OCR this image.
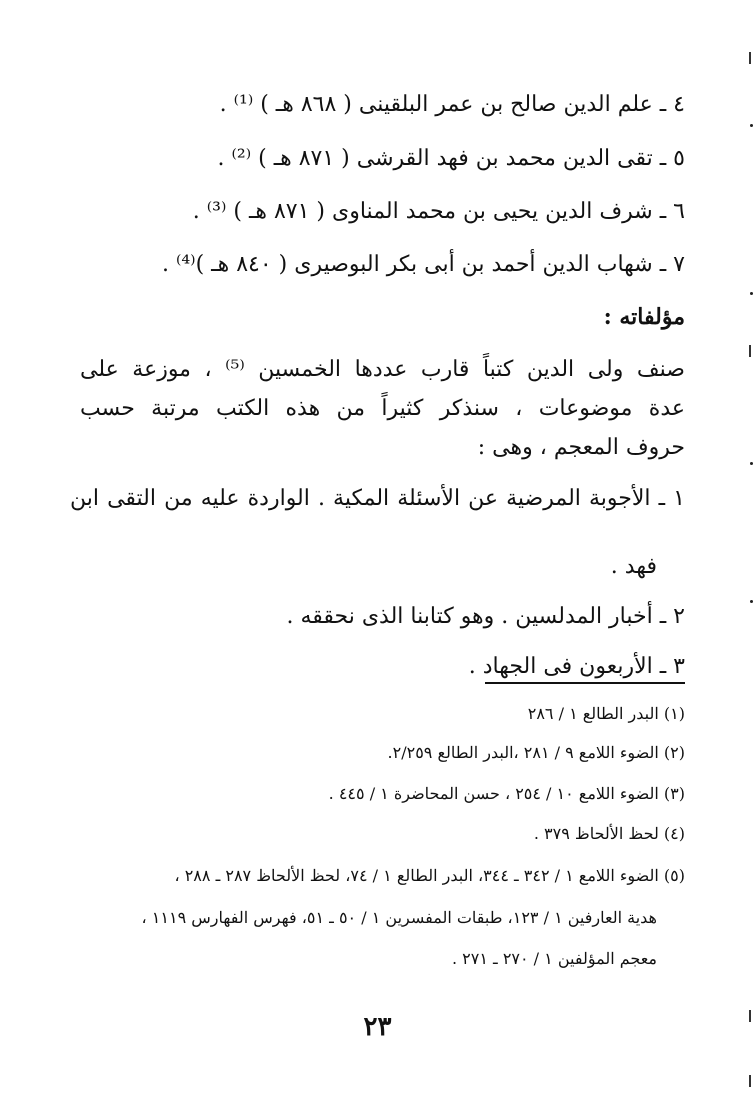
٤ ـ علم الدين صالح بن عمر البلقينى ( ٨٦٨ هـ ) ⁽¹⁾ .
٥ ـ تقى الدين محمد بن فهد القرشى ( ٨٧١ هـ ) ⁽²⁾ .
٦ ـ شرف الدين يحيى بن محمد المناوى ( ٨٧١ هـ ) ⁽³⁾ .
٧ ـ شهاب الدين أحمد بن أبى بكر البوصيرى ( ٨٤٠ هـ )⁽⁴⁾ .
مؤلفاته :
صنف ولى الدين كتباً قارب عددها الخمسين ⁽⁵⁾ ، موزعة على
عدة موضوعات ، سنذكر كثيراً من هذه الكتب مرتبة حسب
حروف المعجم ، وهى :
١ ـ الأجوبة المرضية عن الأسئلة المكية . الواردة عليه من التقى ابن
فهد .
٢ ـ أخبار المدلسين . وهو كتابنا الذى نحققه .
٣ ـ الأربعون فى الجهاد .
(١) البدر الطالع ١ / ٢٨٦
(٢) الضوء اللامع ٩ / ٢٨١ ،البدر الطالع ٢/٢٥٩.
(٣) الضوء اللامع ١٠ / ٢٥٤ ، حسن المحاضرة ١ / ٤٤٥ .
(٤) لحظ الألحاظ ٣٧٩ .
(٥) الضوء اللامع ١ / ٣٤٢ ـ ٣٤٤، البدر الطالع ١ / ٧٤، لحظ الألحاظ ٢٨٧ ـ ٢٨٨ ،
هدية العارفين ١ / ١٢٣، طبقات المفسرين ١ / ٥٠ ـ ٥١، فهرس الفهارس ١١١٩ ،
معجم المؤلفين ١ / ٢٧٠ ـ ٢٧١ .
٢٣
